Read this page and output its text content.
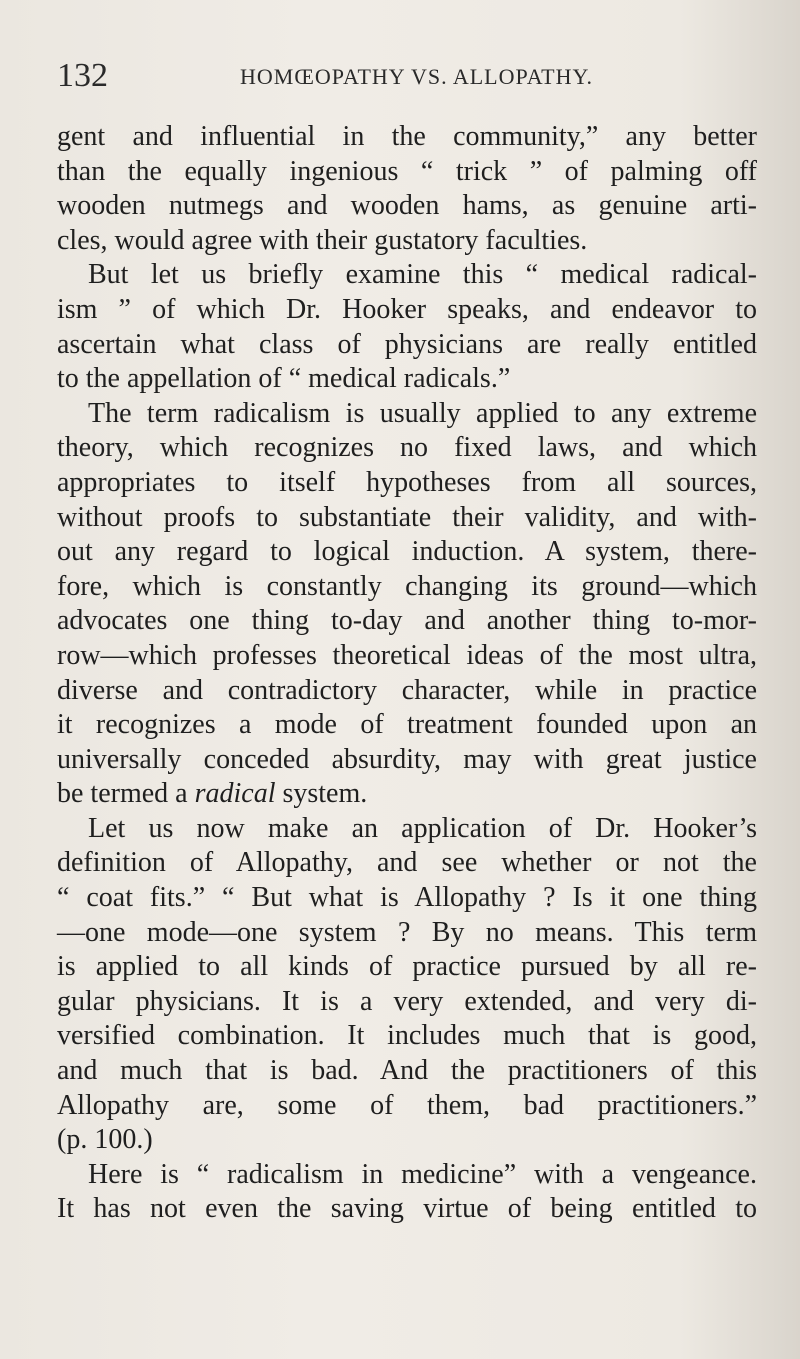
132	HOMŒOPATHY VS. ALLOPATHY.
gent and influential in the community,” any better
than the equally ingenious “ trick ” of palming off
wooden nutmegs and wooden hams, as genuine arti-
cles, would agree with their gustatory faculties.
But let us briefly examine this “ medical radical-
ism ” of which Dr. Hooker speaks, and endeavor to
ascertain what class of physicians are really entitled
to the appellation of “ medical radicals.”
The term radicalism is usually applied to any extreme
theory, which recognizes no fixed laws, and which
appropriates to itself hypotheses from all sources,
without proofs to substantiate their validity, and with-
out any regard to logical induction. A system, there-
fore, which is constantly changing its ground—which
advocates one thing to-day and another thing to-mor-
row—which professes theoretical ideas of the most ultra,
diverse and contradictory character, while in practice
it recognizes a mode of treatment founded upon an
universally conceded absurdity, may with great justice
be termed a radical system.
Let us now make an application of Dr. Hooker’s
definition of Allopathy, and see whether or not the
“ coat fits.” “ But what is Allopathy ? Is it one thing
—one mode—one system ? By no means. This term
is applied to all kinds of practice pursued by all re-
gular physicians. It is a very extended, and very di-
versified combination. It includes much that is good,
and much that is bad. And the practitioners of this
Allopathy are, some of them, bad practitioners.”
(p. 100.)
Here is “ radicalism in medicine” with a vengeance.
It has not even the saving virtue of being entitled to
